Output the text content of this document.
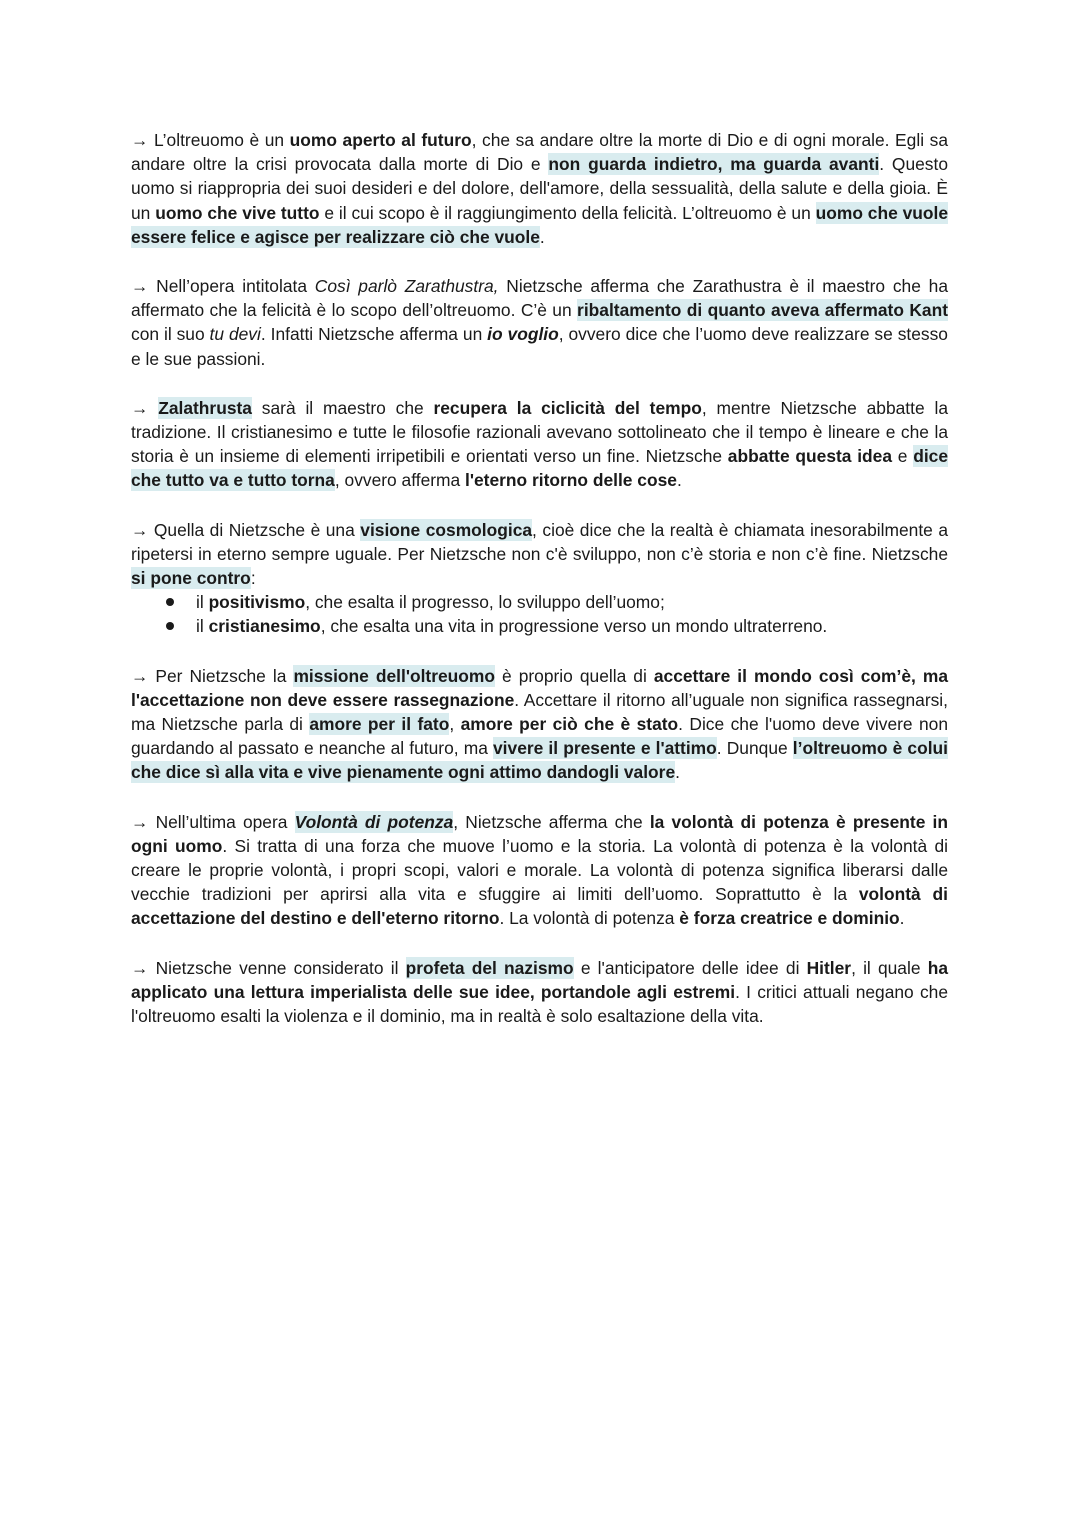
→ L’oltreuomo è un uomo aperto al futuro, che sa andare oltre la morte di Dio e di ogni morale. Egli sa andare oltre la crisi provocata dalla morte di Dio e non guarda indietro, ma guarda avanti. Questo uomo si riappropria dei suoi desideri e del dolore, dell'amore, della sessualità, della salute e della gioia. È un uomo che vive tutto e il cui scopo è il raggiungimento della felicità. L’oltreuomo è un uomo che vuole essere felice e agisce per realizzare ciò che vuole.

→ Nell’opera intitolata Così parlò Zarathustra, Nietzsche afferma che Zarathustra è il maestro che ha affermato che la felicità è lo scopo dell’oltreuomo. C’è un ribaltamento di quanto aveva affermato Kant con il suo tu devi. Infatti Nietzsche afferma un io voglio, ovvero dice che l’uomo deve realizzare se stesso e le sue passioni.

→ Zalathrusta sarà il maestro che recupera la ciclicità del tempo, mentre Nietzsche abbatte la tradizione. Il cristianesimo e tutte le filosofie razionali avevano sottolineato che il tempo è lineare e che la storia è un insieme di elementi irripetibili e orientati verso un fine. Nietzsche abbatte questa idea e dice che tutto va e tutto torna, ovvero afferma l'eterno ritorno delle cose.

→ Quella di Nietzsche è una visione cosmologica, cioè dice che la realtà è chiamata inesorabilmente a ripetersi in eterno sempre uguale. Per Nietzsche non c'è sviluppo, non c’è storia e non c’è fine. Nietzsche si pone contro:

il positivismo, che esalta il progresso, lo sviluppo dell’uomo;
il cristianesimo, che esalta una vita in progressione verso un mondo ultraterreno.

→ Per Nietzsche la missione dell'oltreuomo è proprio quella di accettare il mondo così com’è, ma l'accettazione non deve essere rassegnazione. Accettare il ritorno all’uguale non significa rassegnarsi, ma Nietzsche parla di amore per il fato, amore per ciò che è stato. Dice che l'uomo deve vivere non guardando al passato e neanche al futuro, ma vivere il presente e l'attimo. Dunque l’oltreuomo è colui che dice sì alla vita e vive pienamente ogni attimo dandogli valore.

→ Nell’ultima opera Volontà di potenza, Nietzsche afferma che la volontà di potenza è presente in ogni uomo. Si tratta di una forza che muove l’uomo e la storia. La volontà di potenza è la volontà di creare le proprie volontà, i propri scopi, valori e morale. La volontà di potenza significa liberarsi dalle vecchie tradizioni per aprirsi alla vita e sfuggire ai limiti dell’uomo. Soprattutto è la volontà di accettazione del destino e dell'eterno ritorno. La volontà di potenza è forza creatrice e dominio.

→ Nietzsche venne considerato il profeta del nazismo e l'anticipatore delle idee di Hitler, il quale ha applicato una lettura imperialista delle sue idee, portandole agli estremi. I critici attuali negano che l'oltreuomo esalti la violenza e il dominio, ma in realtà è solo esaltazione della vita.
